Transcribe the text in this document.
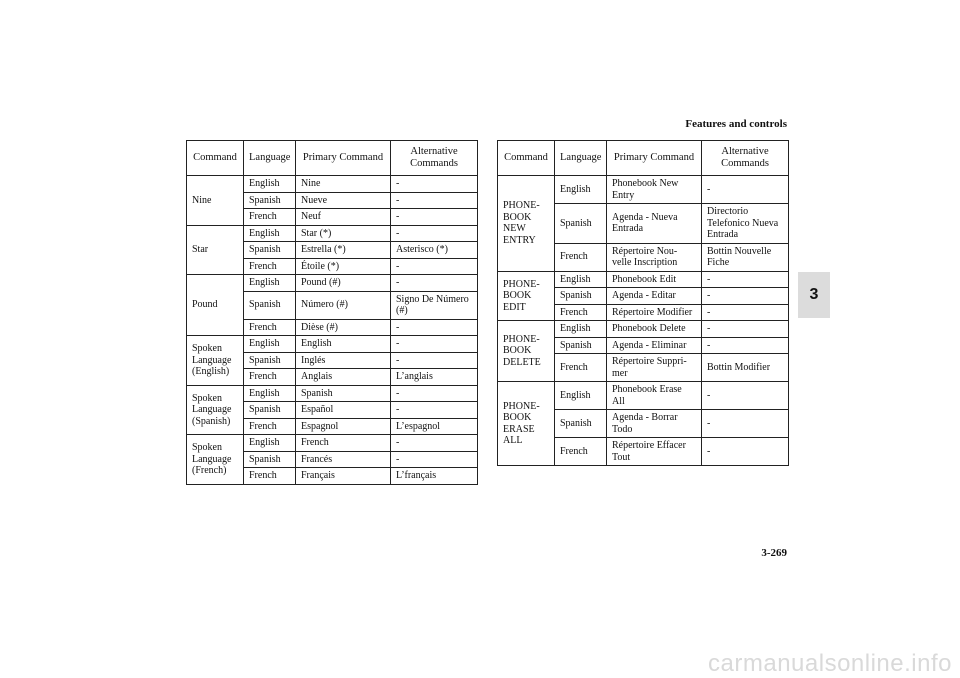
Features and controls
3
Command	Language	Primary Command	Alternative Commands
Nine	English	Nine	-
	Spanish	Nueve	-
	French	Neuf	-
Star	English	Star (*)	-
	Spanish	Estrella (*)	Asterisco (*)
	French	Étoile (*)	-
Pound	English	Pound (#)	-
	Spanish	Número (#)	Signo De Número (#)
	French	Dièse (#)	-
Spoken Language (English)	English	English	-
	Spanish	Inglés	-
	French	Anglais	L’anglais
Spoken Language (Spanish)	English	Spanish	-
	Spanish	Español	-
	French	Espagnol	L’espagnol
Spoken Language (French)	English	French	-
	Spanish	Francés	-
	French	Français	L’français
Command	Language	Primary Command	Alternative Commands
PHONE-BOOK NEW ENTRY	English	Phonebook New Entry	-
	Spanish	Agenda - Nueva Entrada	Directorio Telefonico Nueva Entrada
	French	Répertoire Nou-velle Inscription	Bottin Nouvelle Fiche
PHONE-BOOK EDIT	English	Phonebook Edit	-
	Spanish	Agenda - Editar	-
	French	Répertoire Modifier	-
PHONE-BOOK DELETE	English	Phonebook Delete	-
	Spanish	Agenda - Eliminar	-
	French	Répertoire Suppri-mer	Bottin Modifier
PHONE-BOOK ERASE ALL	English	Phonebook Erase All	-
	Spanish	Agenda - Borrar Todo	-
	French	Répertoire Effacer Tout	-
3-269
carmanualsonline.info
